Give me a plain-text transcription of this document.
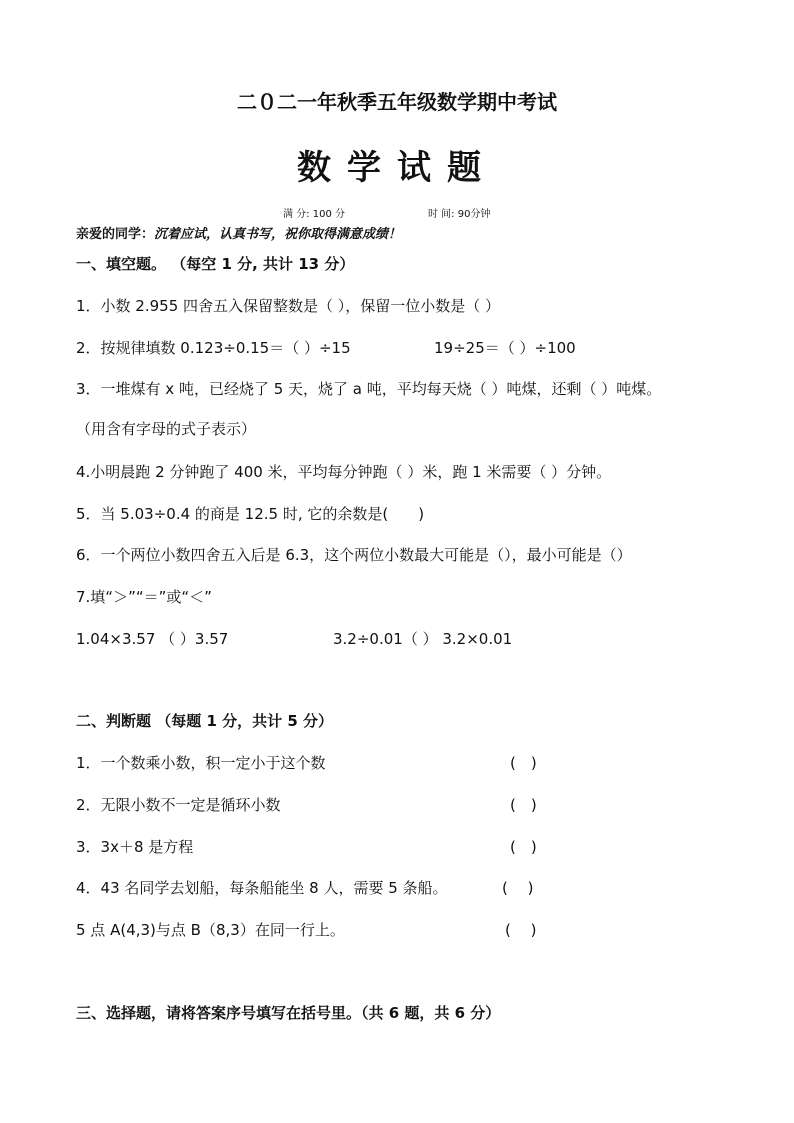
二０二一年秋季五年级数学期中考试
数学试题
满 分: 100 分	时 间: 90分钟
亲爱的同学：沉着应试，认真书写，祝你取得满意成绩！
一、填空题。 （每空 1 分, 共计 13 分）
1．小数 2.955 四舍五入保留整数是（ ），保留一位小数是（ ）
2．按规律填数 0.123÷0.15＝（ ）÷15	19÷25＝（ ）÷100
3．一堆煤有 x 吨，已经烧了 5 天，烧了 a 吨，平均每天烧（ ）吨煤，还剩（ ）吨煤。
（用含有字母的式子表示）
4.小明晨跑 2 分钟跑了 400 米，平均每分钟跑（ ）米，跑 1 米需要（ ）分钟。
5．当 5.03÷0.4 的商是 12.5 时, 它的余数是(　　)
6．一个两位小数四舍五入后是 6.3，这个两位小数最大可能是（），最小可能是（）
7.填“＞”“＝”或“＜”
1.04×3.57 （ ）3.57	3.2÷0.01（ ） 3.2×0.01
二、判断题 （每题 1 分，共计 5 分）
1．一个数乘小数，积一定小于这个数	(　)
2．无限小数不一定是循环小数	(　)
3．3x＋8 是方程	(　)
4．43 名同学去划船，每条船能坐 8 人，需要 5 条船。	(　 )
5 点 A(4,3)与点 B（8,3）在同一行上。	(　 )
三、选择题，请将答案序号填写在括号里。（共 6 题，共 6 分）
